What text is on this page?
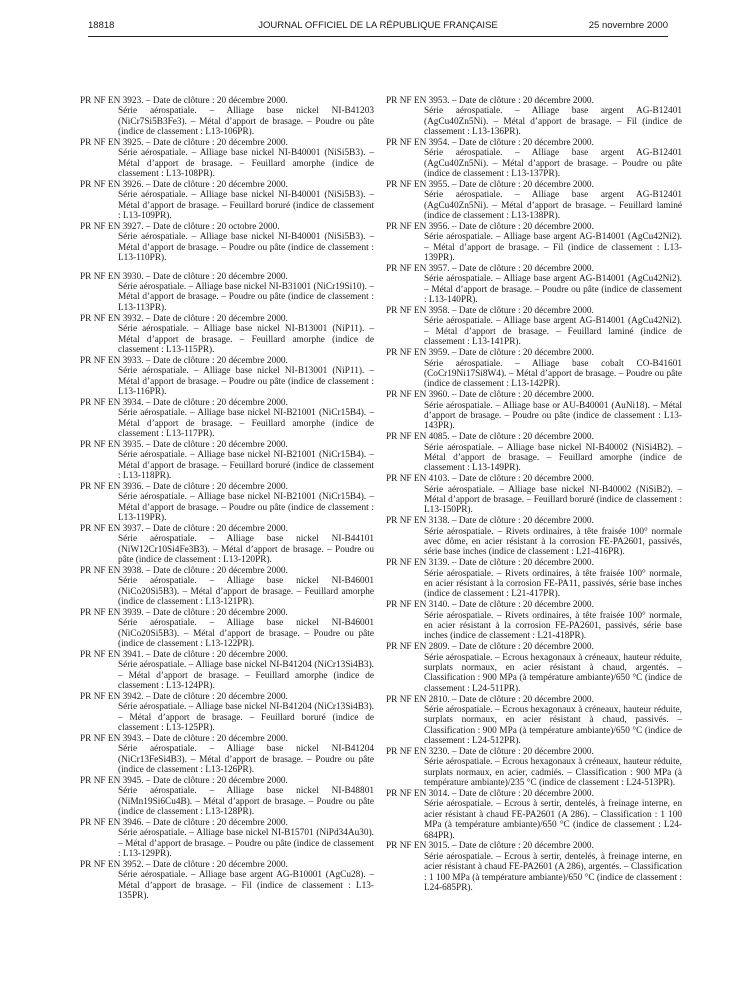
18818	JOURNAL OFFICIEL DE LA RÉPUBLIQUE FRANÇAISE	25 novembre 2000
PR NF EN 3923. – Date de clôture : 20 décembre 2000.
Série aérospatiale. – Alliage base nickel NI-B41203 (NiCr7Si5B3Fe3). – Métal d’apport de brasage. – Poudre ou pâte (indice de classement : L13-106PR).
PR NF EN 3925. – Date de clôture : 20 décembre 2000.
Série aérospatiale. – Alliage base nickel NI-B40001 (NiSi5B3). – Métal d’apport de brasage. – Feuillard amorphe (indice de classement : L13-108PR).
PR NF EN 3926. – Date de clôture : 20 décembre 2000.
Série aérospatiale. – Alliage base nickel NI-B40001 (NiSi5B3). – Métal d’apport de brasage. – Feuillard boruré (indice de classement : L13-109PR).
PR NF EN 3927. – Date de clôture : 20 octobre 2000.
Série aérospatiale. – Alliage base nickel NI-B40001 (NiSi5B3). – Métal d’apport de brasage. – Poudre ou pâte (indice de classement : L13-110PR).
PR NF EN 3930. – Date de clôture : 20 décembre 2000.
Série aérospatiale. – Alliage base nickel NI-B31001 (NiCr19Si10). – Métal d’apport de brasage. – Poudre ou pâte (indice de classement : L13-113PR).
PR NF EN 3932. – Date de clôture : 20 décembre 2000.
Série aérospatiale. – Alliage base nickel NI-B13001 (NiP11). – Métal d’apport de brasage. – Feuillard amorphe (indice de classement : L13-115PR).
PR NF EN 3933. – Date de clôture : 20 décembre 2000.
Série aérospatiale. – Alliage base nickel NI-B13001 (NiP11). – Métal d’apport de brasage. – Poudre ou pâte (indice de classement : L13-116PR).
PR NF EN 3934. – Date de clôture : 20 décembre 2000.
Série aérospatiale. – Alliage base nickel NI-B21001 (NiCr15B4). – Métal d’apport de brasage. – Feuillard amorphe (indice de classement : L13-117PR).
PR NF EN 3935. – Date de clôture : 20 décembre 2000.
Série aérospatiale. – Alliage base nickel NI-B21001 (NiCr15B4). – Métal d’apport de brasage. – Feuillard boruré (indice de classement : L13-118PR).
PR NF EN 3936. – Date de clôture : 20 décembre 2000.
Série aérospatiale. – Alliage base nickel NI-B21001 (NiCr15B4). – Métal d’apport de brasage. – Poudre ou pâte (indice de classement : L13-119PR).
PR NF EN 3937. – Date de clôture : 20 décembre 2000.
Série aérospatiale. – Alliage base nickel NI-B44101 (NiW12Cr10Si4Fe3B3). – Métal d’apport de brasage. – Poudre ou pâte (indice de classement : L13-120PR).
PR NF EN 3938. – Date de clôture : 20 décembre 2000.
Série aérospatiale. – Alliage base nickel NI-B46001 (NiCo20Si5B3). – Métal d’apport de brasage. – Feuillard amorphe (indice de classement : L13-121PR).
PR NF EN 3939. – Date de clôture : 20 décembre 2000.
Série aérospatiale. – Alliage base nickel NI-B46001 (NiCo20Si5B3). – Métal d’apport de brasage. – Poudre ou pâte (indice de classement : L13-122PR).
PR NF EN 3941. – Date de clôture : 20 décembre 2000.
Série aérospatiale. – Alliage base nickel NI-B41204 (NiCr13Si4B3). – Métal d’apport de brasage. – Feuillard amorphe (indice de classement : L13-124PR).
PR NF EN 3942. – Date de clôture : 20 décembre 2000.
Série aérospatiale. – Alliage base nickel NI-B41204 (NiCr13Si4B3). – Métal d’apport de brasage. – Feuillard boruré (indice de classement : L13-125PR).
PR NF EN 3943. – Date de clôture : 20 décembre 2000.
Série aérospatiale. – Alliage base nickel NI-B41204 (NiCr13FeSi4B3). – Métal d’apport de brasage. – Poudre ou pâte (indice de classement : L13-126PR).
PR NF EN 3945. – Date de clôture : 20 décembre 2000.
Série aérospatiale. – Alliage base nickel NI-B48801 (NiMn19Si6Cu4B). – Métal d’apport de brasage. – Poudre ou pâte (indice de classement : L13-128PR).
PR NF EN 3946. – Date de clôture : 20 décembre 2000.
Série aérospatiale. – Alliage base nickel NI-B15701 (NiPd34Au30). – Métal d’apport de brasage. – Poudre ou pâte (indice de classement : L13-129PR).
PR NF EN 3952. – Date de clôture : 20 décembre 2000.
Série aérospatiale. – Alliage base argent AG-B10001 (AgCu28). – Métal d’apport de brasage. – Fil (indice de classement : L13-135PR).
PR NF EN 3953. – Date de clôture : 20 décembre 2000.
Série aérospatiale. – Alliage base argent AG-B12401 (AgCu40Zn5Ni). – Métal d’apport de brasage. – Fil (indice de classement : L13-136PR).
PR NF EN 3954. – Date de clôture : 20 décembre 2000.
Série aérospatiale. – Alliage base argent AG-B12401 (AgCu40Zn5Ni). – Métal d’apport de brasage. – Poudre ou pâte (indice de classement : L13-137PR).
PR NF EN 3955. – Date de clôture : 20 décembre 2000.
Série aérospatiale. – Alliage base argent AG-B12401 (AgCu40Zn5Ni). – Métal d’apport de brasage. – Feuillard laminé (indice de classement : L13-138PR).
PR NF EN 3956. – Date de clôture : 20 décembre 2000.
Série aérospatiale. – Alliage base argent AG-B14001 (AgCu42Ni2). – Métal d’apport de brasage. – Fil (indice de classement : L13-139PR).
PR NF EN 3957. – Date de clôture : 20 décembre 2000.
Série aérospatiale. – Alliage base argent AG-B14001 (AgCu42Ni2). – Métal d’apport de brasage. – Poudre ou pâte (indice de classement : L13-140PR).
PR NF EN 3958. – Date de clôture : 20 décembre 2000.
Série aérospatiale. – Alliage base argent AG-B14001 (AgCu42Ni2). – Métal d’apport de brasage. – Feuillard laminé (indice de classement : L13-141PR).
PR NF EN 3959. – Date de clôture : 20 décembre 2000.
Série aérospatiale. – Alliage base cobalt CO-B41601 (CoCr19Ni17Si8W4). – Métal d’apport de brasage. – Poudre ou pâte (indice de classement : L13-142PR).
PR NF EN 3960. – Date de clôture : 20 décembre 2000.
Série aérospatiale. – Alliage base or AU-B40001 (AuNi18). – Métal d’apport de brasage. – Poudre ou pâte (indice de classement : L13-143PR).
PR NF EN 4085. – Date de clôture : 20 décembre 2000.
Série aérospatiale. – Alliage base nickel NI-B40002 (NiSi4B2). – Métal d’apport de brasage. – Feuillard amorphe (indice de classement : L13-149PR).
PR NF EN 4103. – Date de clôture : 20 décembre 2000.
Série aérospatiale. – Alliage base nickel NI-B40002 (NiSiB2). – Métal d’apport de brasage. – Feuillard boruré (indice de classement : L13-150PR).
PR NF EN 3138. – Date de clôture : 20 décembre 2000.
Série aérospatiale. – Rivets ordinaires, à tête fraisée 100° normale avec dôme, en acier résistant à la corrosion FE-PA2601, passivés, série base inches (indice de classement : L21-416PR).
PR NF EN 3139. – Date de clôture : 20 décembre 2000.
Série aérospatiale. – Rivets ordinaires, à tête fraisée 100° normale, en acier résistant à la corrosion FE-PA11, passivés, série base inches (indice de classement : L21-417PR).
PR NF EN 3140. – Date de clôture : 20 décembre 2000.
Série aérospatiale. – Rivets ordinaires, à tête fraisée 100° normale, en acier résistant à la corrosion FE-PA2601, passivés, série base inches (indice de classement : L21-418PR).
PR NF EN 2809. – Date de clôture : 20 décembre 2000.
Série aérospatiale. – Ecrous hexagonaux à créneaux, hauteur réduite, surplats normaux, en acier résistant à chaud, argentés. – Classification : 900 MPa (à température ambiante)/650 °C (indice de classement : L24-511PR).
PR NF EN 2810. – Date de clôture : 20 décembre 2000.
Série aérospatiale. – Ecrous hexagonaux à créneaux, hauteur réduite, surplats normaux, en acier résistant à chaud, passivés. – Classification : 900 MPa (à température ambiante)/650 °C (indice de classement : L24-512PR).
PR NF EN 3230. – Date de clôture : 20 décembre 2000.
Série aérospatiale. – Ecrous hexagonaux à créneaux, hauteur réduite, surplats normaux, en acier, cadmiés. – Classification : 900 MPa (à température ambiante)/235 °C (indice de classement : L24-513PR).
PR NF EN 3014. – Date de clôture : 20 décembre 2000.
Série aérospatiale. – Ecrous à sertir, dentelés, à freinage interne, en acier résistant à chaud FE-PA2601 (A 286). – Classification : 1 100 MPa (à température ambiante)/650 °C (indice de classement : L24-684PR).
PR NF EN 3015. – Date de clôture : 20 décembre 2000.
Série aérospatiale. – Ecrous à sertir, dentelés, à freinage interne, en acier résistant à chaud FE-PA2601 (A 286), argentés. – Classification : 1 100 MPa (à température ambiante)/650 °C (indice de classement : L24-685PR).
